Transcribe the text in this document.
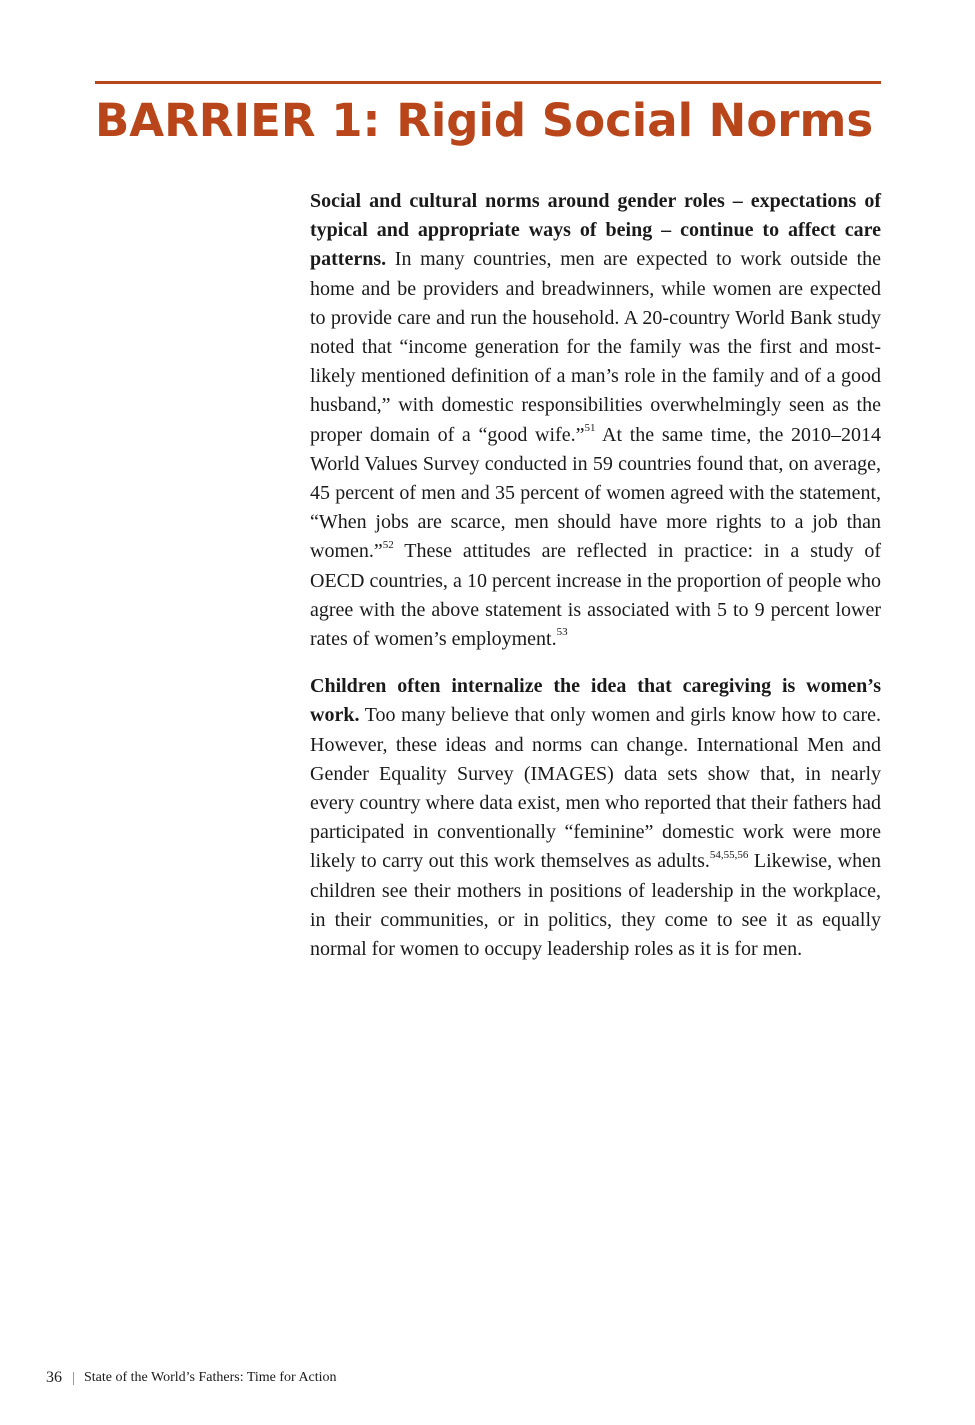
BARRIER 1: Rigid Social Norms

Social and cultural norms around gender roles – expectations of typical and appropriate ways of being – continue to affect care patterns. In many countries, men are expected to work outside the home and be providers and breadwinners, while women are expected to provide care and run the household. A 20-country World Bank study noted that “income generation for the family was the first and most-likely mentioned definition of a man’s role in the family and of a good husband,” with domestic responsibilities overwhelmingly seen as the proper domain of a “good wife.”$^{51}$ At the same time, the 2010–2014 World Values Survey conducted in 59 countries found that, on average, 45 percent of men and 35 percent of women agreed with the statement, “When jobs are scarce, men should have more rights to a job than women.”$^{52}$ These attitudes are reflected in practice: in a study of OECD countries, a 10 percent increase in the proportion of people who agree with the above statement is associated with 5 to 9 percent lower rates of women’s employment.$^{53}$

Children often internalize the idea that caregiving is women’s work. Too many believe that only women and girls know how to care. However, these ideas and norms can change. International Men and Gender Equality Survey (IMAGES) data sets show that, in nearly every country where data exist, men who reported that their fathers had participated in conventionally “feminine” domestic work were more likely to carry out this work themselves as adults.$^{54,55,56}$ Likewise, when children see their mothers in positions of leadership in the workplace, in their communities, or in politics, they come to see it as equally normal for women to occupy leadership roles as it is for men.

36 State of the World’s Fathers: Time for Action
